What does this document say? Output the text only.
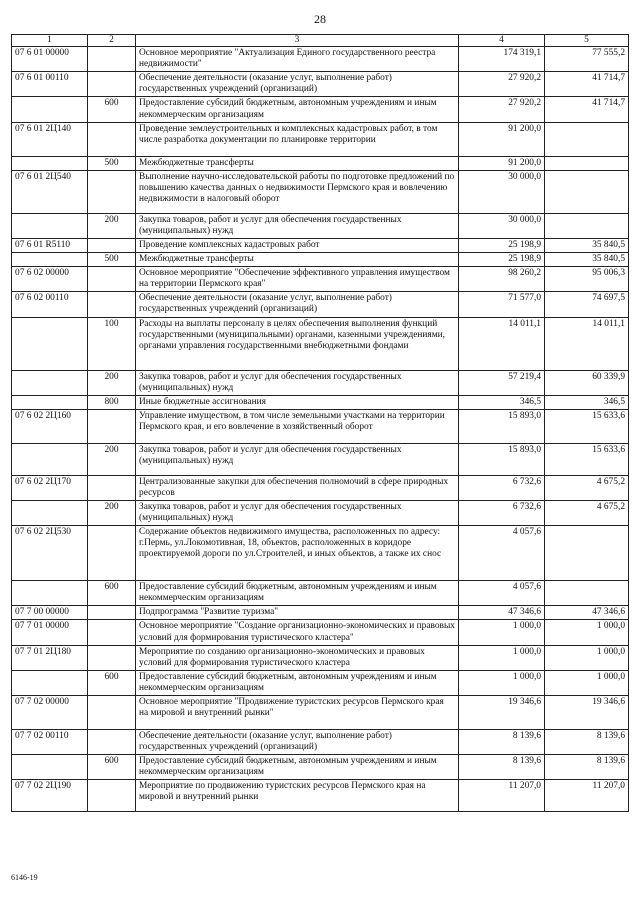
28
1	2	3	4	5
07 6 01 00000		Основное мероприятие "Актуализация Единого государственного реестра недвижимости"	174 319,1	77 555,2
07 6 01 00110		Обеспечение деятельности (оказание услуг, выполнение работ) государственных учреждений (организаций)	27 920,2	41 714,7
	600	Предоставление субсидий бюджетным, автономным учреждениям и иным некоммерческим организациям	27 920,2	41 714,7
07 6 01 2Ц140		Проведение землеустроительных и комплексных кадастровых работ, в том числе разработка документации по планировке территории	91 200,0	
	500	Межбюджетные трансферты	91 200,0	
07 6 01 2Ц540		Выполнение научно-исследовательской работы по подготовке предложений по повышению качества данных о недвижимости Пермского края и вовлечению недвижимости в налоговый оборот	30 000,0	
	200	Закупка товаров, работ и услуг для обеспечения государственных (муниципальных) нужд	30 000,0	
07 6 01 R5110		Проведение комплексных кадастровых работ	25 198,9	35 840,5
	500	Межбюджетные трансферты	25 198,9	35 840,5
07 6 02 00000		Основное мероприятие "Обеспечение эффективного управления имуществом на территории Пермского края"	98 260,2	95 006,3
07 6 02 00110		Обеспечение деятельности (оказание услуг, выполнение работ) государственных учреждений (организаций)	71 577,0	74 697,5
	100	Расходы на выплаты персоналу в целях обеспечения выполнения функций государственными (муниципальными) органами, казенными учреждениями, органами управления государственными внебюджетными фондами	14 011,1	14 011,1
	200	Закупка товаров, работ и услуг для обеспечения государственных (муниципальных) нужд	57 219,4	60 339,9
	800	Иные бюджетные ассигнования	346,5	346,5
07 6 02 2Ц160		Управление имуществом, в том числе земельными участками на территории Пермского края, и его вовлечение в хозяйственный оборот	15 893,0	15 633,6
	200	Закупка товаров, работ и услуг для обеспечения государственных (муниципальных) нужд	15 893,0	15 633,6
07 6 02 2Ц170		Централизованные закупки для обеспечения полномочий в сфере природных ресурсов	6 732,6	4 675,2
	200	Закупка товаров, работ и услуг для обеспечения государственных (муниципальных) нужд	6 732,6	4 675,2
07 6 02 2Ц530		Содержание объектов недвижимого имущества, расположенных по адресу: г.Пермь, ул.Локомотивная, 18, объектов, расположенных в коридоре проектируемой дороги по ул.Строителей, и иных объектов, а также их снос	4 057,6	
	600	Предоставление субсидий бюджетным, автономным учреждениям и иным некоммерческим организациям	4 057,6	
07 7 00 00000		Подпрограмма "Развитие туризма"	47 346,6	47 346,6
07 7 01 00000		Основное мероприятие "Создание организационно-экономических и правовых условий для формирования туристического кластера"	1 000,0	1 000,0
07 7 01 2Ц180		Мероприятие по созданию организационно-экономических и правовых условий для формирования туристического кластера	1 000,0	1 000,0
	600	Предоставление субсидий бюджетным, автономным учреждениям и иным некоммерческим организациям	1 000,0	1 000,0
07 7 02 00000		Основное мероприятие "Продвижение туристских ресурсов Пермского края на мировой и внутренний рынки"	19 346,6	19 346,6
07 7 02 00110		Обеспечение деятельности (оказание услуг, выполнение работ) государственных учреждений (организаций)	8 139,6	8 139,6
	600	Предоставление субсидий бюджетным, автономным учреждениям и иным некоммерческим организациям	8 139,6	8 139,6
07 7 02 2Ц190		Мероприятие по продвижению туристских ресурсов Пермского края на мировой и внутренний рынки	11 207,0	11 207,0
6146-19
